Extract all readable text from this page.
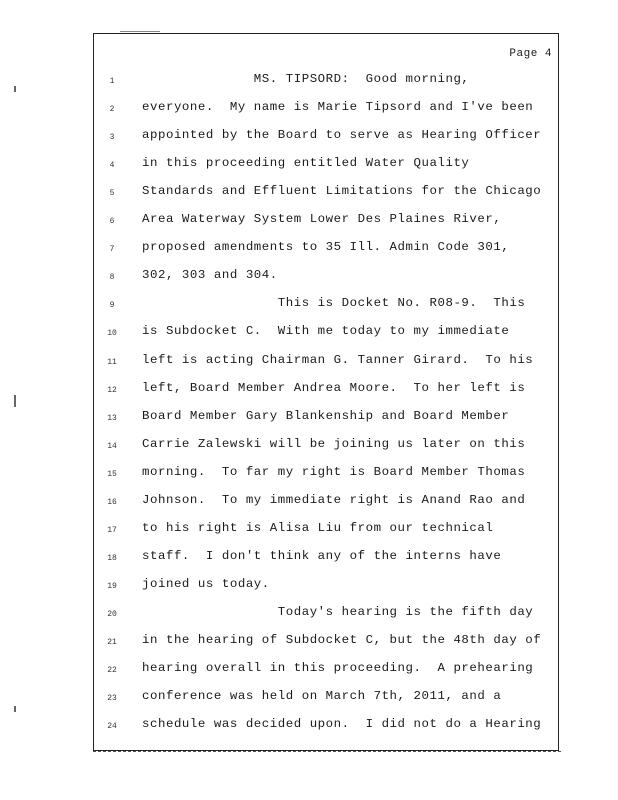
Page 4
1	MS. TIPSORD:  Good morning,
2	everyone.  My name is Marie Tipsord and I've been
3	appointed by the Board to serve as Hearing Officer
4	in this proceeding entitled Water Quality
5	Standards and Effluent Limitations for the Chicago
6	Area Waterway System Lower Des Plaines River,
7	proposed amendments to 35 Ill. Admin Code 301,
8	302, 303 and 304.
9	This is Docket No. R08-9.  This
10	is Subdocket C.  With me today to my immediate
11	left is acting Chairman G. Tanner Girard.  To his
12	left, Board Member Andrea Moore.  To her left is
13	Board Member Gary Blankenship and Board Member
14	Carrie Zalewski will be joining us later on this
15	morning.  To far my right is Board Member Thomas
16	Johnson.  To my immediate right is Anand Rao and
17	to his right is Alisa Liu from our technical
18	staff.  I don't think any of the interns have
19	joined us today.
20	Today's hearing is the fifth day
21	in the hearing of Subdocket C, but the 48th day of
22	hearing overall in this proceeding.  A prehearing
23	conference was held on March 7th, 2011, and a
24	schedule was decided upon.  I did not do a Hearing
